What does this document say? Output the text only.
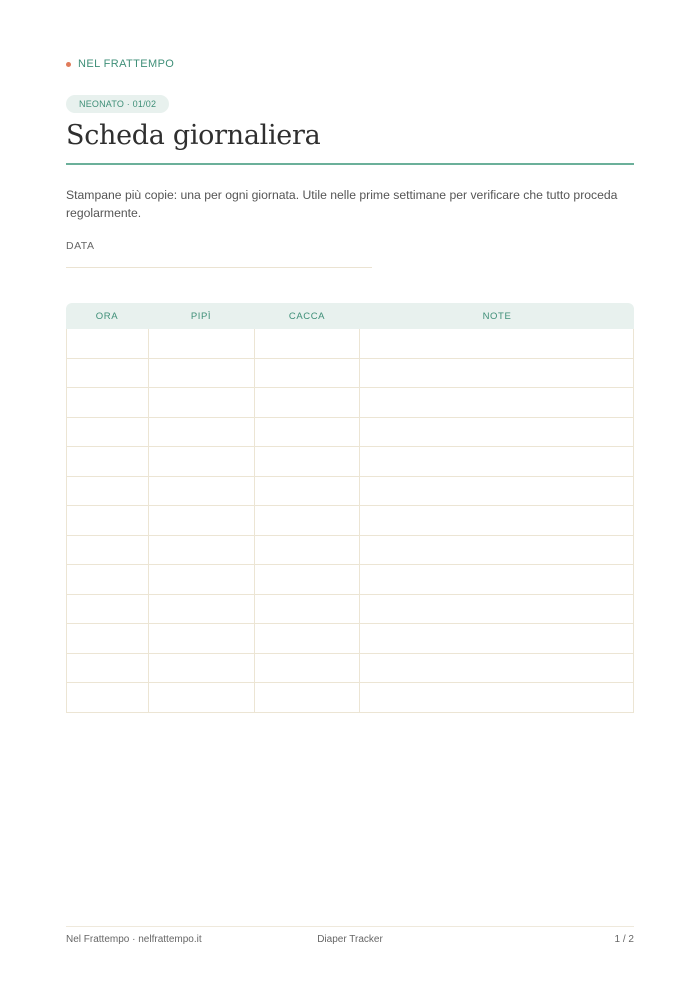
NEL FRATTEMPO
NEONATO · 01/02
Scheda giornaliera

Stampane più copie: una per ogni giornata. Utile nelle prime settimane per verificare che tutto proceda regolarmente.

DATA
ORA	PIPÌ	CACCA	NOTE
Nel Frattempo · nelfrattempo.it	Diaper Tracker	1 / 2
